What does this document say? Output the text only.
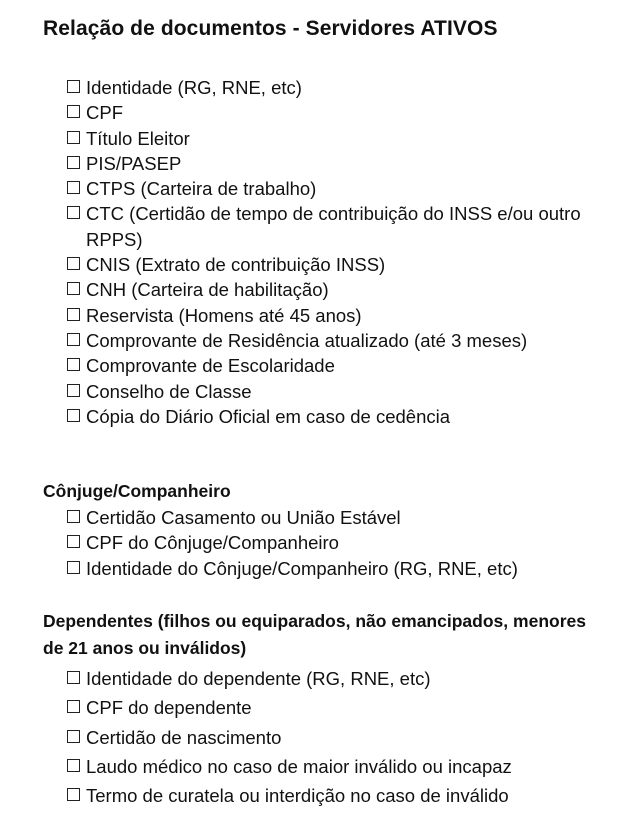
Relação de documentos - Servidores ATIVOS
Identidade (RG, RNE, etc)
CPF
Título Eleitor
PIS/PASEP
CTPS (Carteira de trabalho)
CTC (Certidão de tempo de contribuição do INSS e/ou outro RPPS)
CNIS (Extrato de contribuição INSS)
CNH (Carteira de habilitação)
Reservista (Homens até 45 anos)
Comprovante de Residência atualizado (até 3 meses)
Comprovante de Escolaridade
Conselho de Classe
Cópia do Diário Oficial em caso de cedência
Cônjuge/Companheiro
Certidão Casamento ou União Estável
CPF do Cônjuge/Companheiro
Identidade do Cônjuge/Companheiro (RG, RNE, etc)
Dependentes (filhos ou equiparados, não emancipados, menores de 21 anos ou inválidos)
Identidade do dependente (RG, RNE, etc)
CPF do dependente
Certidão de nascimento
Laudo médico no caso de maior inválido ou incapaz
Termo de curatela ou interdição no caso de inválido
